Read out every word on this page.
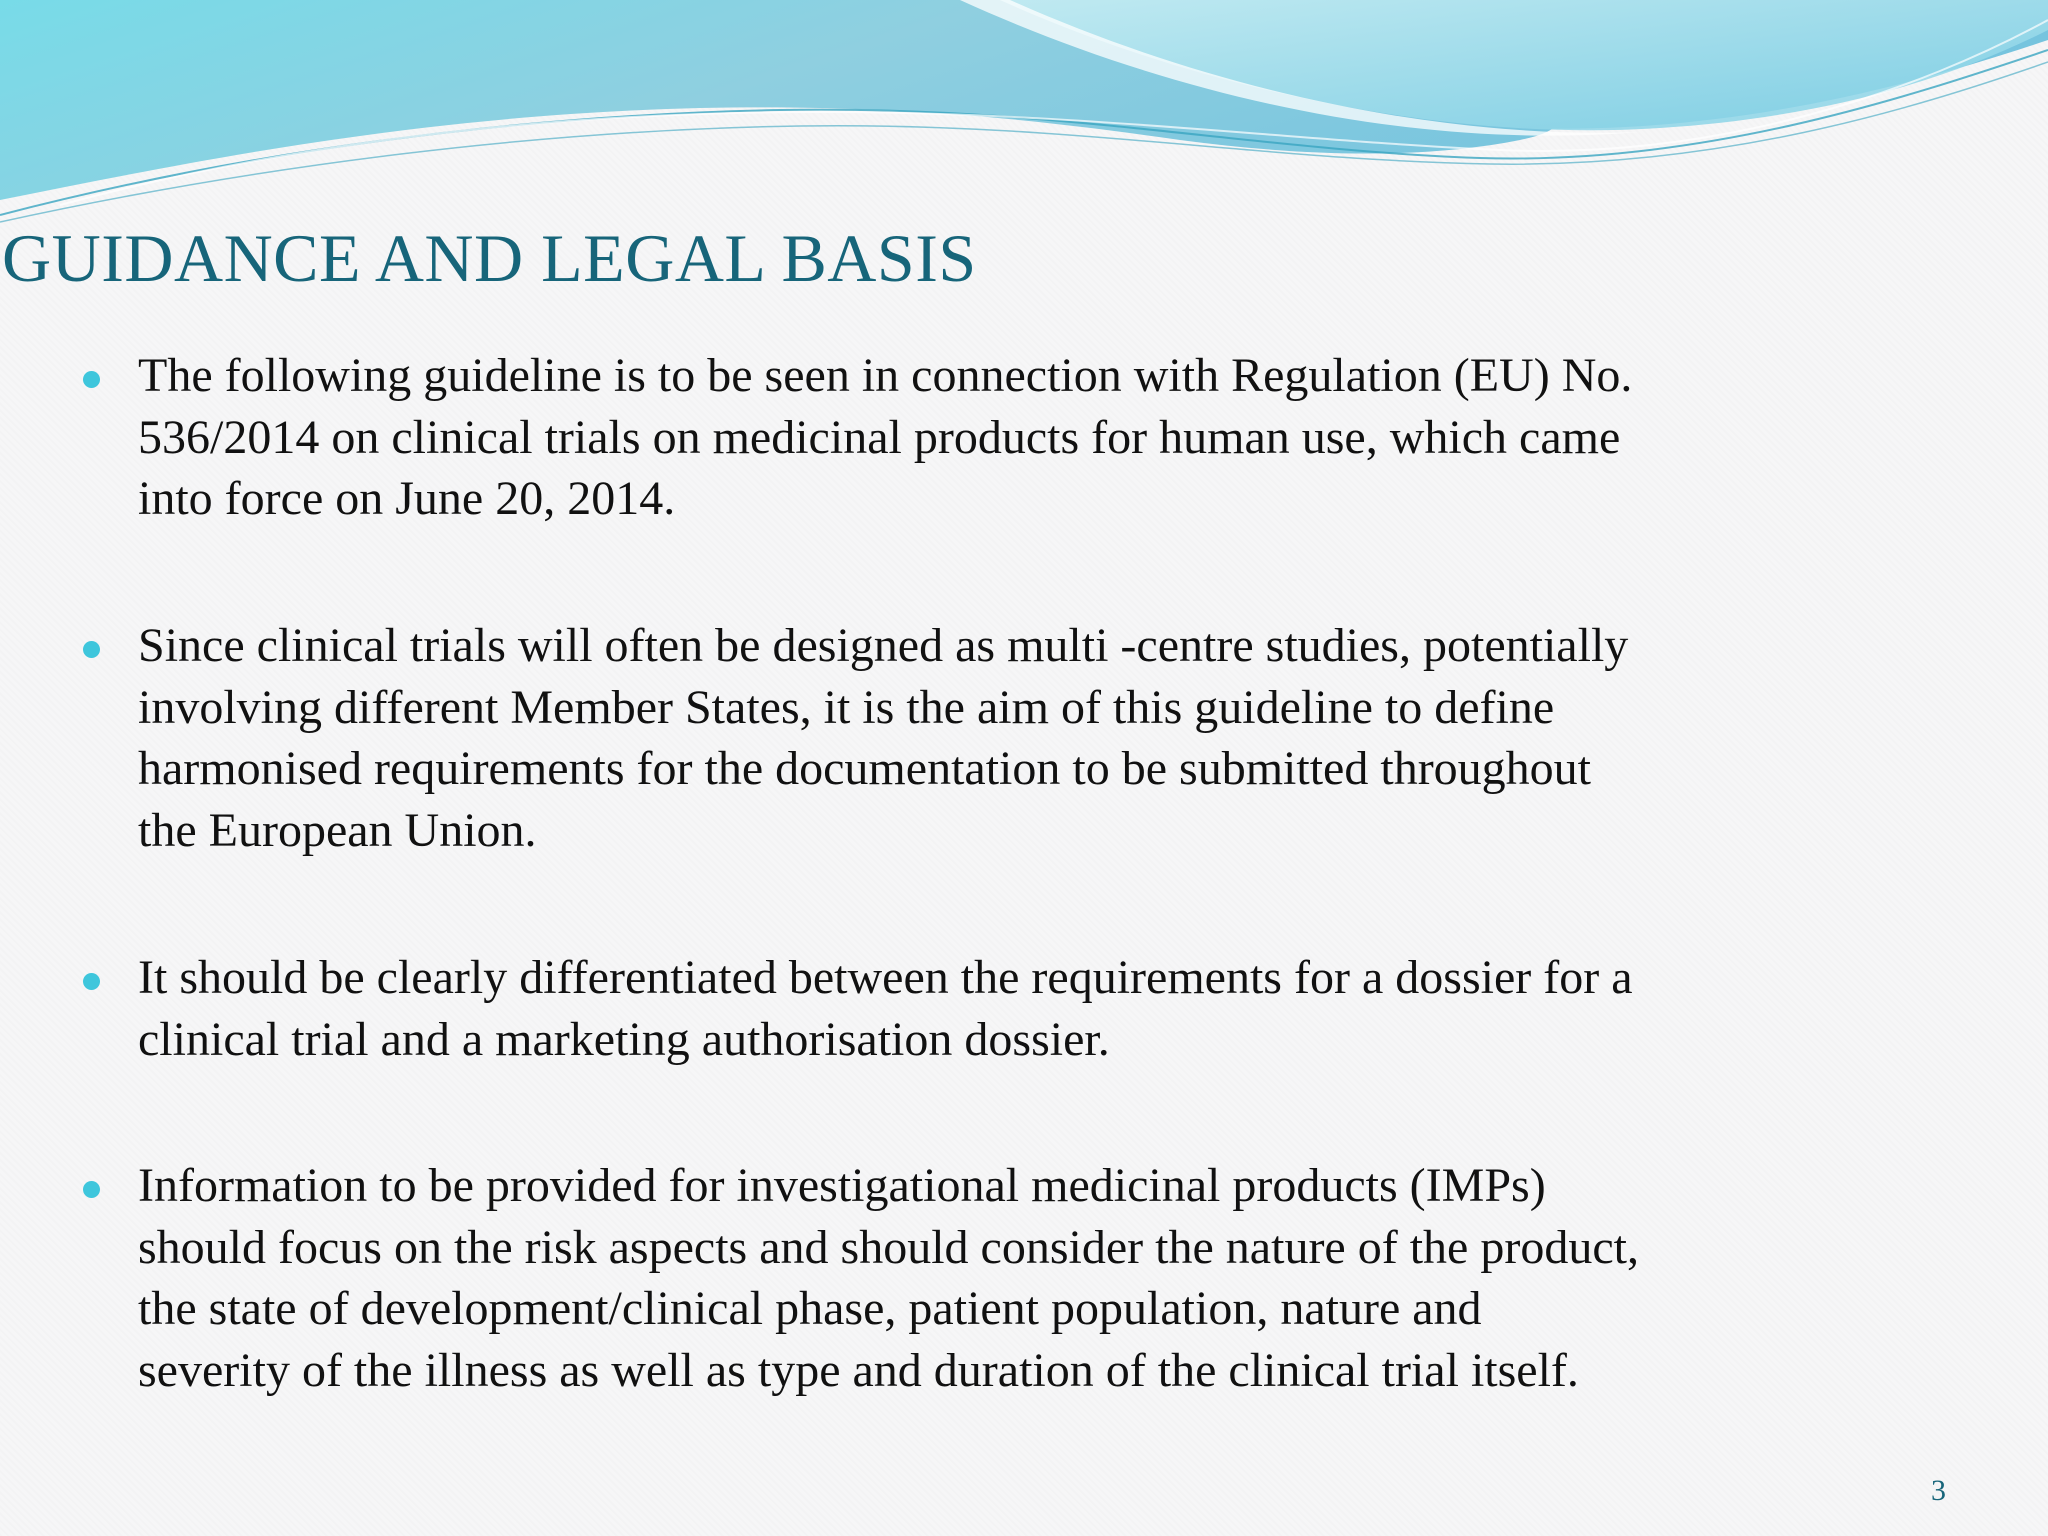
GUIDANCE AND LEGAL BASIS
The following guideline is to be seen in connection with Regulation (EU) No.
536/2014 on clinical trials on medicinal products for human use, which came
into force on June 20, 2014.
Since clinical trials will often be designed as multi -centre studies, potentially
involving different Member States, it is the aim of this guideline to define
harmonised requirements for the documentation to be submitted throughout
the European Union.
It should be clearly differentiated between the requirements for a dossier for a
clinical trial and a marketing authorisation dossier.
Information to be provided for investigational medicinal products (IMPs)
should focus on the risk aspects and should consider the nature of the product,
the state of development/clinical phase, patient population, nature and
severity of the illness as well as type and duration of the clinical trial itself.
3
